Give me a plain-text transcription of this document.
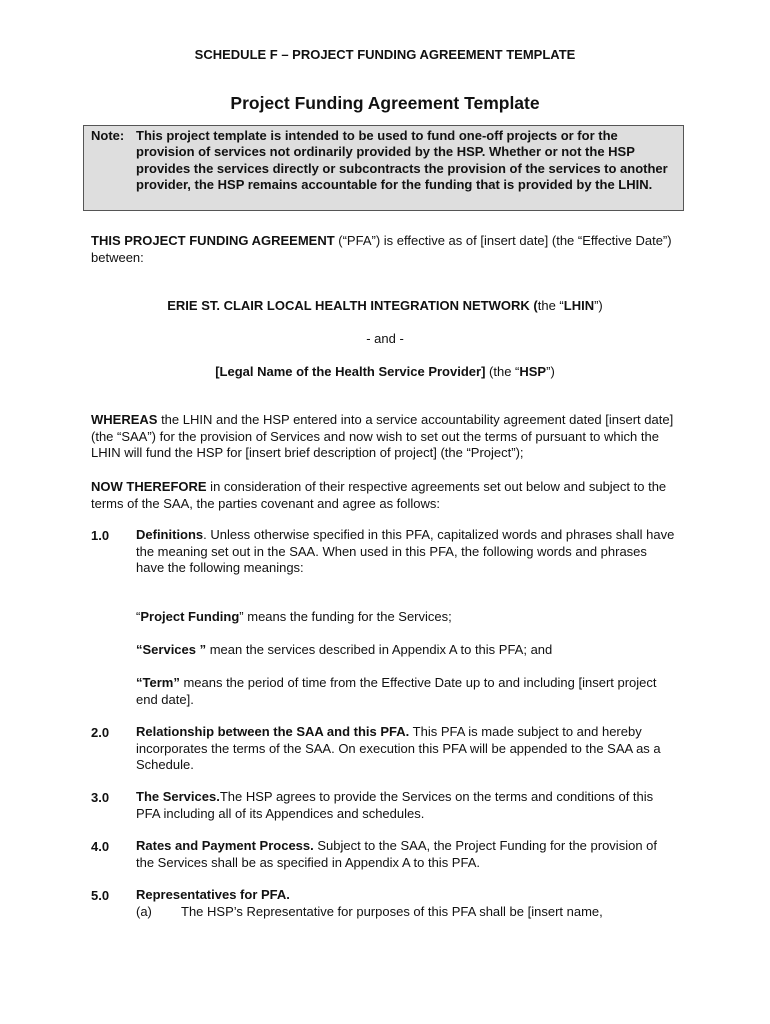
SCHEDULE F – PROJECT FUNDING AGREEMENT TEMPLATE
Project Funding Agreement Template
Note: This project template is intended to be used to fund one-off projects or for the provision of services not ordinarily provided by the HSP. Whether or not the HSP provides the services directly or subcontracts the provision of the services to another provider, the HSP remains accountable for the funding that is provided by the LHIN.
THIS PROJECT FUNDING AGREEMENT (“PFA”) is effective as of [insert date] (the “Effective Date”) between:
ERIE ST. CLAIR LOCAL HEALTH INTEGRATION NETWORK (the “LHIN”)
- and -
[Legal Name of the Health Service Provider] (the “HSP”)
WHEREAS the LHIN and the HSP entered into a service accountability agreement dated [insert date] (the “SAA”) for the provision of Services and now wish to set out the terms of pursuant to which the LHIN will fund the HSP for [insert brief description of project] (the “Project”);
NOW THEREFORE in consideration of their respective agreements set out below and subject to the terms of the SAA, the parties covenant and agree as follows:
1.0 Definitions. Unless otherwise specified in this PFA, capitalized words and phrases shall have the meaning set out in the SAA. When used in this PFA, the following words and phrases have the following meanings:
“Project Funding” means the funding for the Services;
“Services ” mean the services described in Appendix A to this PFA; and
“Term” means the period of time from the Effective Date up to and including [insert project end date].
2.0 Relationship between the SAA and this PFA. This PFA is made subject to and hereby incorporates the terms of the SAA. On execution this PFA will be appended to the SAA as a Schedule.
3.0 The Services.The HSP agrees to provide the Services on the terms and conditions of this PFA including all of its Appendices and schedules.
4.0 Rates and Payment Process. Subject to the SAA, the Project Funding for the provision of the Services shall be as specified in Appendix A to this PFA.
5.0 Representatives for PFA.
(a) The HSP’s Representative for purposes of this PFA shall be [insert name,
